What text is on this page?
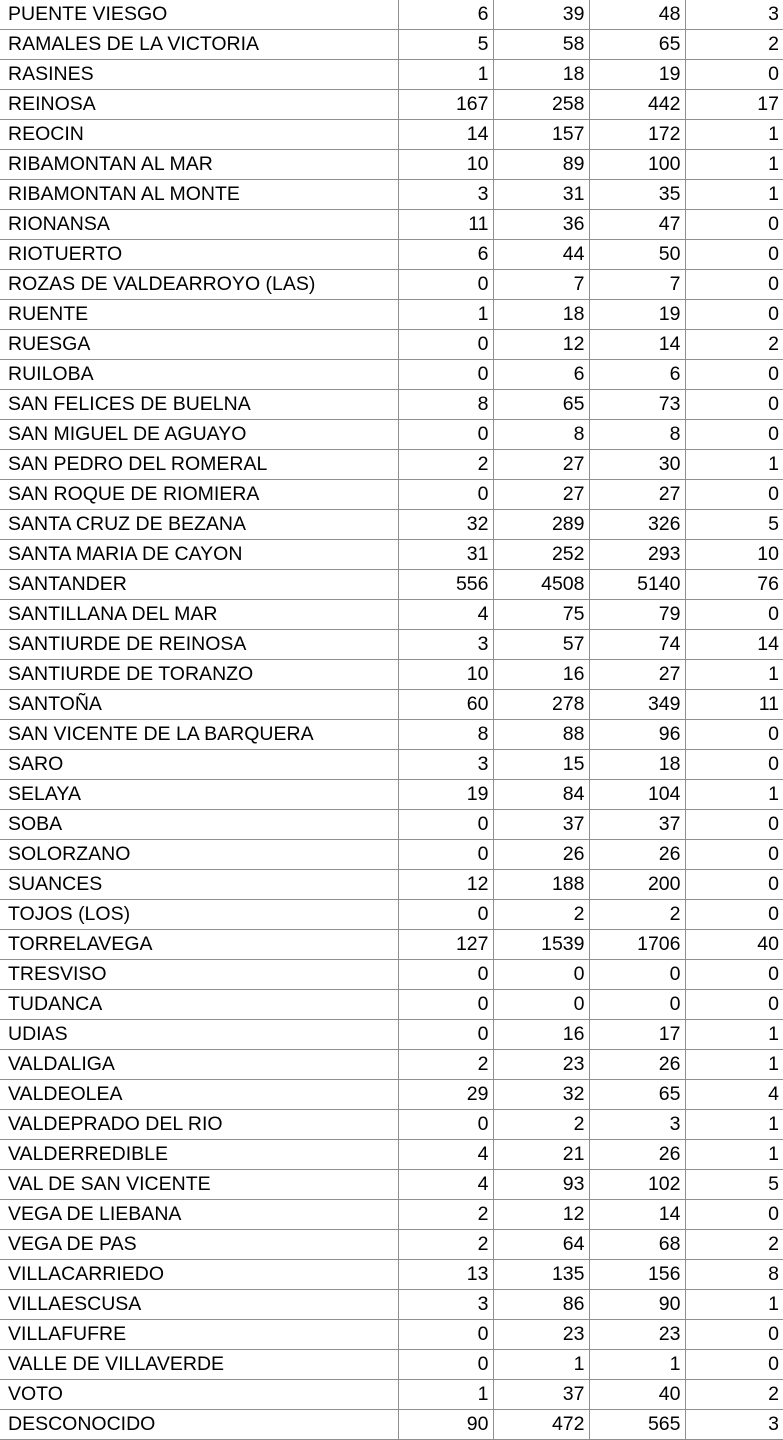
PUENTE VIESGO	6	39	48	3
RAMALES DE LA VICTORIA	5	58	65	2
RASINES	1	18	19	0
REINOSA	167	258	442	17
REOCIN	14	157	172	1
RIBAMONTAN AL MAR	10	89	100	1
RIBAMONTAN AL MONTE	3	31	35	1
RIONANSA	11	36	47	0
RIOTUERTO	6	44	50	0
ROZAS DE VALDEARROYO (LAS)	0	7	7	0
RUENTE	1	18	19	0
RUESGA	0	12	14	2
RUILOBA	0	6	6	0
SAN FELICES DE BUELNA	8	65	73	0
SAN MIGUEL DE AGUAYO	0	8	8	0
SAN PEDRO DEL ROMERAL	2	27	30	1
SAN ROQUE DE RIOMIERA	0	27	27	0
SANTA CRUZ DE BEZANA	32	289	326	5
SANTA MARIA DE CAYON	31	252	293	10
SANTANDER	556	4508	5140	76
SANTILLANA DEL MAR	4	75	79	0
SANTIURDE DE REINOSA	3	57	74	14
SANTIURDE DE TORANZO	10	16	27	1
SANTOÑA	60	278	349	11
SAN VICENTE DE LA BARQUERA	8	88	96	0
SARO	3	15	18	0
SELAYA	19	84	104	1
SOBA	0	37	37	0
SOLORZANO	0	26	26	0
SUANCES	12	188	200	0
TOJOS (LOS)	0	2	2	0
TORRELAVEGA	127	1539	1706	40
TRESVISO	0	0	0	0
TUDANCA	0	0	0	0
UDIAS	0	16	17	1
VALDALIGA	2	23	26	1
VALDEOLEA	29	32	65	4
VALDEPRADO DEL RIO	0	2	3	1
VALDERREDIBLE	4	21	26	1
VAL DE SAN VICENTE	4	93	102	5
VEGA DE LIEBANA	2	12	14	0
VEGA DE PAS	2	64	68	2
VILLACARRIEDO	13	135	156	8
VILLAESCUSA	3	86	90	1
VILLAFUFRE	0	23	23	0
VALLE DE VILLAVERDE	0	1	1	0
VOTO	1	37	40	2
DESCONOCIDO	90	472	565	3
